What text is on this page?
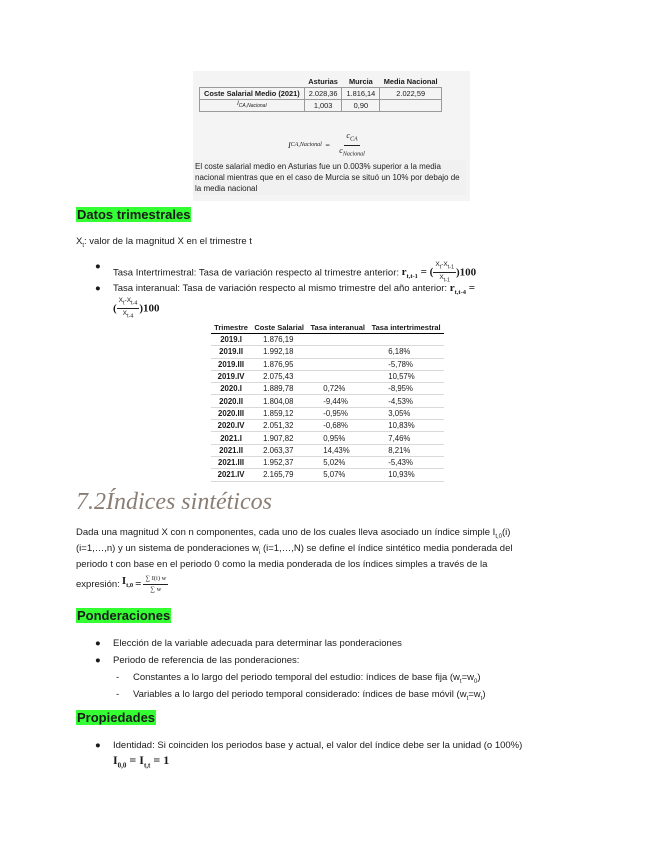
	Asturias	Murcia	Media Nacional
Coste Salarial Medio (2021)	2.028,36	1.816,14	2.022,59
$I_{CA,Nacional}$	1,003	0,90	
I CA,Nacional = $\frac{c_{CA}}{c_{Nacional}}$
El coste salarial medio en Asturias fue un 0.003% superior a la media nacional mientras que en el caso de Murcia se situó un 10% por debajo de la media nacional
Datos trimestrales
$X_t$: valor de la magnitud X en el trimestre t
●
Tasa Intertrimestral: Tasa de variación respecto al trimestre anterior: $r_{t,t-1}$ = ( $\frac{X_t-X_{t-1}}{X_{t-1}} )100$
● Tasa interanual: Tasa de variación respecto al mismo trimestre del año anterior: $r_{t,t-4}$ =
( $\frac{X_t-X_{t-4}}{X_{t-4}} )100$
Trimestre	Coste Salarial	Tasa interanual	Tasa intertrimestral
2019.I	1.876,19		
2019.II	1.992,18		6,18%
2019.III	1.876,95		-5,78%
2019.IV	2.075,43		10,57%
2020.I	1.889,78	0,72%	-8,95%
2020.II	1.804,08	-9,44%	-4,53%
2020.III	1.859,12	-0,95%	3,05%
2020.IV	2.051,32	-0,68%	10,83%
2021.I	1.907,82	0,95%	7,46%
2021.II	2.063,37	14,43%	8,21%
2021.III	1.952,37	5,02%	-5,43%
2021.IV	2.165,79	5,07%	10,93%
7.2Índices sintéticos
Dada una magnitud X con n componentes, cada uno de los cuales lleva asociado un índice simple $I_{t,0}(i)$
(i=1,…,n) y un sistema de ponderaciones $w_i$ (i=1,…,N) se define el índice sintético media ponderada del
periodo t con base en el periodo 0 como la media ponderada de los índices simples a través de la
expresión: $I_{t,0} = \frac{\sum I(i) w}{\sum w}$
Ponderaciones
● Elección de la variable adecuada para determinar las ponderaciones
● Periodo de referencia de las ponderaciones:
- Constantes a lo largo del periodo temporal del estudio: índices de base fija $(w_t=w_0)$
- Variables a lo largo del periodo temporal considerado: índices de base móvil $(w_t=w_t)$
Propiedades
● Identidad: Si coinciden los periodos base y actual, el valor del índice debe ser la unidad (o 100%)
$I_{0,0} = I_{t,t} = 1$
